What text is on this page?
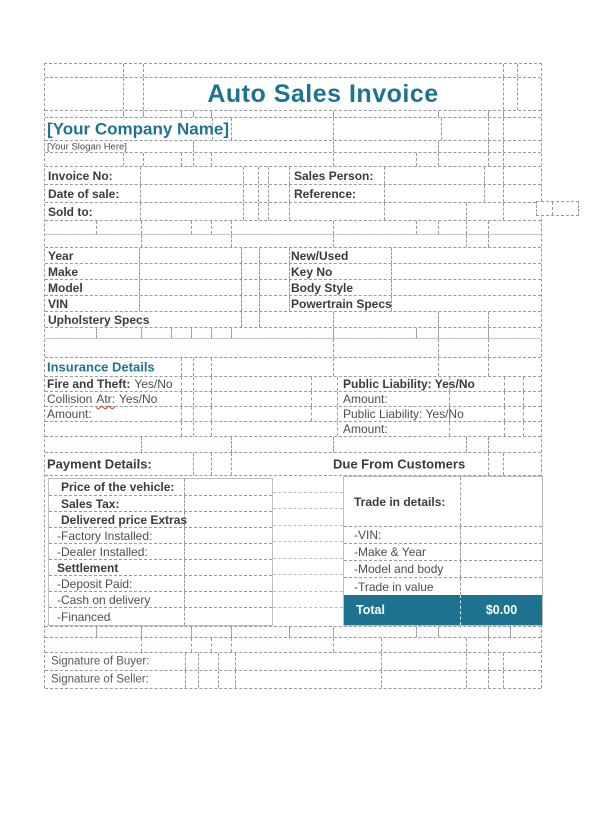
Auto Sales Invoice
[Your Company Name]
[Your Slogan Here]
Invoice No:	Sales Person:
Date of sale:	Reference:
Sold to:
Year	New/Used
Make	Key No
Model	Body Style
VIN	Powertrain Specs
Upholstery Specs
Insurance Details
Fire and Theft: Yes/No	Public Liability: Yes/No
Collision Atr: Yes/No	Amount:
Amount:	Public Liability: Yes/No
Amount:
Payment Details:	Due From Customers
Price of the vehicle:
Sales Tax:
Delivered price Extras
-Factory Installed:
-Dealer Installed:
Settlement
-Deposit Paid:
-Cash on delivery
-Financed
Trade in details:
-VIN:
-Make & Year
-Model and body
-Trade in value
Total	$0.00
Signature of Buyer:
Signature of Seller:
